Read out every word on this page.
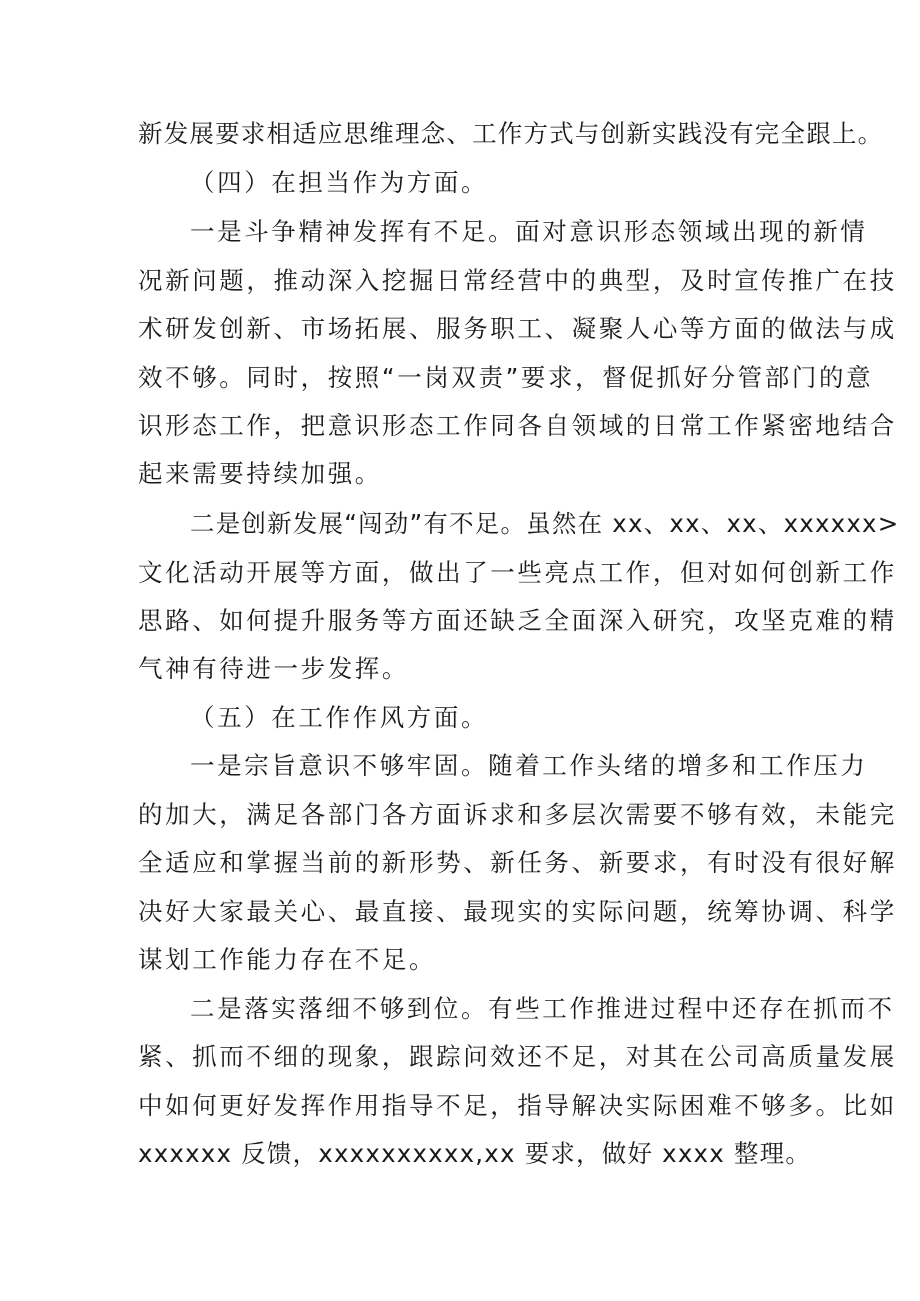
新发展要求相适应思维理念、工作方式与创新实践没有完全跟上。
（四）在担当作为方面。
一是斗争精神发挥有不足。面对意识形态领域出现的新情
况新问题，推动深入挖掘日常经营中的典型，及时宣传推广在技
术研发创新、市场拓展、服务职工、凝聚人心等方面的做法与成
效不够。同时，按照“一岗双责”要求，督促抓好分管部门的意
识形态工作，把意识形态工作同各自领域的日常工作紧密地结合
起来需要持续加强。
二是创新发展“闯劲”有不足。虽然在 xx、xx、xx、xxxxxx>
文化活动开展等方面，做出了一些亮点工作，但对如何创新工作
思路、如何提升服务等方面还缺乏全面深入研究，攻坚克难的精
气神有待进一步发挥。
（五）在工作作风方面。
一是宗旨意识不够牢固。随着工作头绪的增多和工作压力
的加大，满足各部门各方面诉求和多层次需要不够有效，未能完
全适应和掌握当前的新形势、新任务、新要求，有时没有很好解
决好大家最关心、最直接、最现实的实际问题，统筹协调、科学
谋划工作能力存在不足。
二是落实落细不够到位。有些工作推进过程中还存在抓而不
紧、抓而不细的现象，跟踪问效还不足，对其在公司高质量发展
中如何更好发挥作用指导不足，指导解决实际困难不够多。比如
xxxxxx 反馈，xxxxxxxxxx,xx 要求，做好 xxxx 整理。
